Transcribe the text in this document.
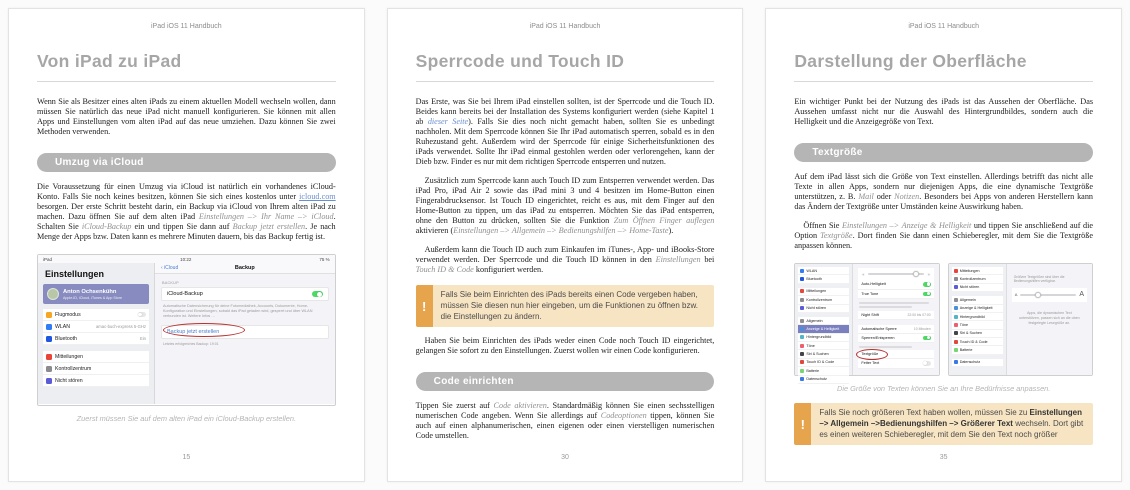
iPad iOS 11 Handbuch
Von iPad zu iPad

Wenn Sie als Besitzer eines alten iPads zu einem aktuellen Modell wechseln wollen, dann müssen Sie natürlich das neue iPad nicht manuell konfigurieren. Sie können mit allen Apps und Einstellungen vom alten iPad auf das neue umziehen. Dazu können Sie zwei Methoden verwenden.

Umzug via iCloud

Die Voraussetzung für einen Umzug via iCloud ist natürlich ein vorhandenes iCloud-Konto. Falls Sie noch keines besitzen, können Sie sich eines kostenlos unter icloud.com besorgen. Der erste Schritt besteht darin, ein Backup via iCloud von Ihrem alten iPad zu machen. Dazu öffnen Sie auf dem alten iPad Einstellungen –> Ihr Name –> iCloud. Schalten Sie iCloud-Backup ein und tippen Sie dann auf Backup jetzt erstellen. Je nach Menge der Apps bzw. Daten kann es mehrere Minuten dauern, bis das Backup fertig ist.

iPad	10:22	75 %
Einstellungen
Anton Ochsenkühn
Apple-ID, iCloud, iTunes & App Store
Flugmodus
WLAN	amac-buch-express 5-GHz
Bluetooth	Ein
Mitteilungen
Kontrollzentrum
Nicht stören
‹ iCloud	Backup
BACKUP
iCloud-Backup
Automatische Datensicherung für deine Fotomediathek, Accounts, Dokumente, Home-Konfiguration und Einstellungen, sobald das iPad geladen wird, gesperrt und über WLAN verbunden ist. Weitere Infos …
Backup jetzt erstellen
Letztes erfolgreiches Backup: 19:01
Zuerst müssen Sie auf dem alten iPad ein iCloud-Backup erstellen.
15
iPad iOS 11 Handbuch
Sperrcode und Touch ID

Das Erste, was Sie bei Ihrem iPad einstellen sollten, ist der Sperrcode und die Touch ID. Beides kann bereits bei der Installation des Systems konfiguriert werden (siehe Kapitel 1 ab dieser Seite). Falls Sie dies noch nicht gemacht haben, sollten Sie es unbedingt nachholen. Mit dem Sperrcode können Sie Ihr iPad automatisch sperren, sobald es in den Ruhezustand geht. Außerdem wird der Sperrcode für einige Sicherheitsfunktionen des iPads verwendet. Sollte Ihr iPad einmal gestohlen werden oder verlorengehen, kann der Dieb bzw. Finder es nur mit dem richtigen Sperrcode entsperren und nutzen.

Zusätzlich zum Sperrcode kann auch Touch ID zum Entsperren verwendet werden. Das iPad Pro, iPad Air 2 sowie das iPad mini 3 und 4 besitzen im Home-Button einen Fingerabdrucksensor. Ist Touch ID eingerichtet, reicht es aus, mit dem Finger auf den Home-Button zu tippen, um das iPad zu entsperren. Möchten Sie das iPad entsperren, ohne den Button zu drücken, sollten Sie die Funktion Zum Öffnen Finger auflegen aktivieren (Einstellungen –> Allgemein –> Bedienungshilfen –> Home-Taste).

Außerdem kann die Touch ID auch zum Einkaufen im iTunes-, App- und iBooks-Store verwendet werden. Der Sperrcode und die Touch ID können in den Einstellungen bei Touch ID & Code konfiguriert werden.

!
Falls Sie beim Einrichten des iPads bereits einen Code vergeben haben, müssen Sie diesen nun hier eingeben, um die Funktionen zu öffnen bzw. die Einstellungen zu ändern.

Haben Sie beim Einrichten des iPads weder einen Code noch Touch ID eingerichtet, gelangen Sie sofort zu den Einstellungen. Zuerst wollen wir einen Code konfigurieren.

Code einrichten

Tippen Sie zuerst auf Code aktivieren. Standardmäßig können Sie einen sechsstelligen numerischen Code angeben. Wenn Sie allerdings auf Codeoptionen tippen, können Sie auch auf einen alphanumerischen, einen eigenen oder einen vierstelligen numerischen Code umstellen.

30
iPad iOS 11 Handbuch
Darstellung der Oberfläche

Ein wichtiger Punkt bei der Nutzung des iPads ist das Aussehen der Oberfläche. Das Aussehen umfasst nicht nur die Auswahl des Hintergrundbildes, sondern auch die Helligkeit und die Anzeigegröße von Text.

Textgröße

Auf dem iPad lässt sich die Größe von Text einstellen. Allerdings betrifft das nicht alle Texte in allen Apps, sondern nur diejenigen Apps, die eine dynamische Textgröße unterstützen, z. B. Mail oder Notizen. Besonders bei Apps von anderen Herstellern kann das Ändern der Textgröße unter Umständen keine Auswirkung haben.

Öffnen Sie Einstellungen –> Anzeige & Helligkeit und tippen Sie anschließend auf die Option Textgröße. Dort finden Sie dann einen Schieberegler, mit dem Sie die Textgröße anpassen können.

WLAN
Bluetooth
Mitteilungen
Kontrollzentrum
Nicht stören
Allgemein
Anzeige & Helligkeit
Hintergrundbild
Töne
Siri & Suchen
Touch ID & Code
Batterie
Datenschutz
☀	☀
Auto-Helligkeit
True Tone
Night Shift	22:00 bis 07:00
Automatische Sperre	10 Minuten
Sperren/Entsperren
Textgröße
Fetter Text
Mitteilungen
Kontrollzentrum
Nicht stören
Allgemein
Anzeige & Helligkeit
Hintergrundbild
Töne
Siri & Suchen
Touch ID & Code
Batterie
Datenschutz
Größere Textgrößen sind über die Bedienungshilfen verfügbar.
A	A
Apps, die dynamischen Text unterstützen, passen sich an die oben festgelegte Lesegröße an.
Die Größe von Texten können Sie an Ihre Bedürfnisse anpassen.
!
Falls Sie noch größeren Text haben wollen, müssen Sie zu Einstellungen –> Allgemein –>Bedienungshilfen –> Größerer Text wechseln. Dort gibt es einen weiteren Schieberegler, mit dem Sie den Text noch größer
35
